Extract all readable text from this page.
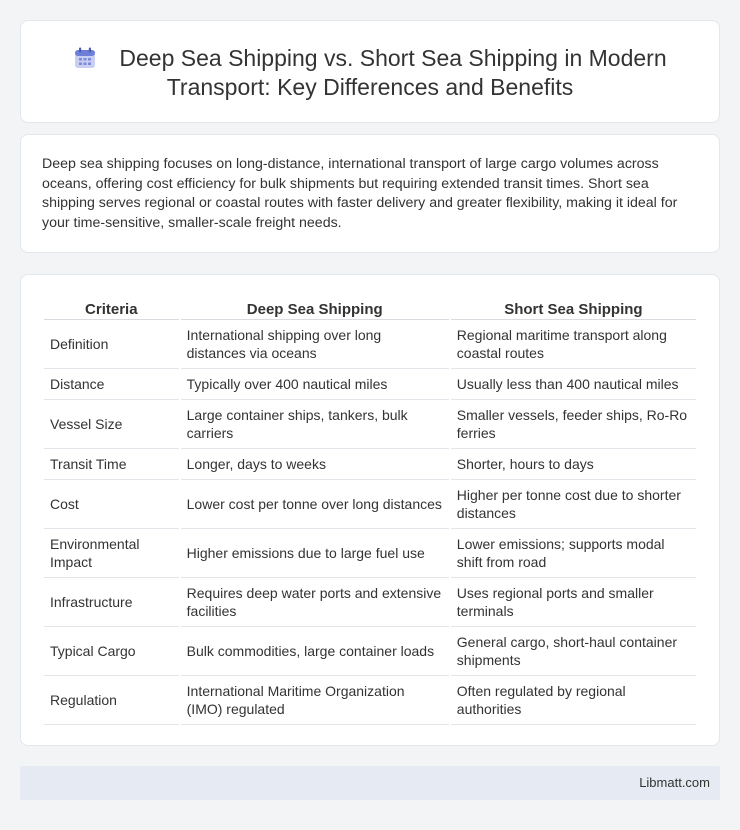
Deep Sea Shipping vs. Short Sea Shipping in Modern Transport: Key Differences and Benefits

Deep sea shipping focuses on long-distance, international transport of large cargo volumes across oceans, offering cost efficiency for bulk shipments but requiring extended transit times. Short sea shipping serves regional or coastal routes with faster delivery and greater flexibility, making it ideal for your time-sensitive, smaller-scale freight needs.

Criteria	Deep Sea Shipping	Short Sea Shipping
Definition	International shipping over long distances via oceans	Regional maritime transport along coastal routes
Distance	Typically over 400 nautical miles	Usually less than 400 nautical miles
Vessel Size	Large container ships, tankers, bulk carriers	Smaller vessels, feeder ships, Ro-Ro ferries
Transit Time	Longer, days to weeks	Shorter, hours to days
Cost	Lower cost per tonne over long distances	Higher per tonne cost due to shorter distances
Environmental Impact	Higher emissions due to large fuel use	Lower emissions; supports modal shift from road
Infrastructure	Requires deep water ports and extensive facilities	Uses regional ports and smaller terminals
Typical Cargo	Bulk commodities, large container loads	General cargo, short-haul container shipments
Regulation	International Maritime Organization (IMO) regulated	Often regulated by regional authorities
Libmatt.com
